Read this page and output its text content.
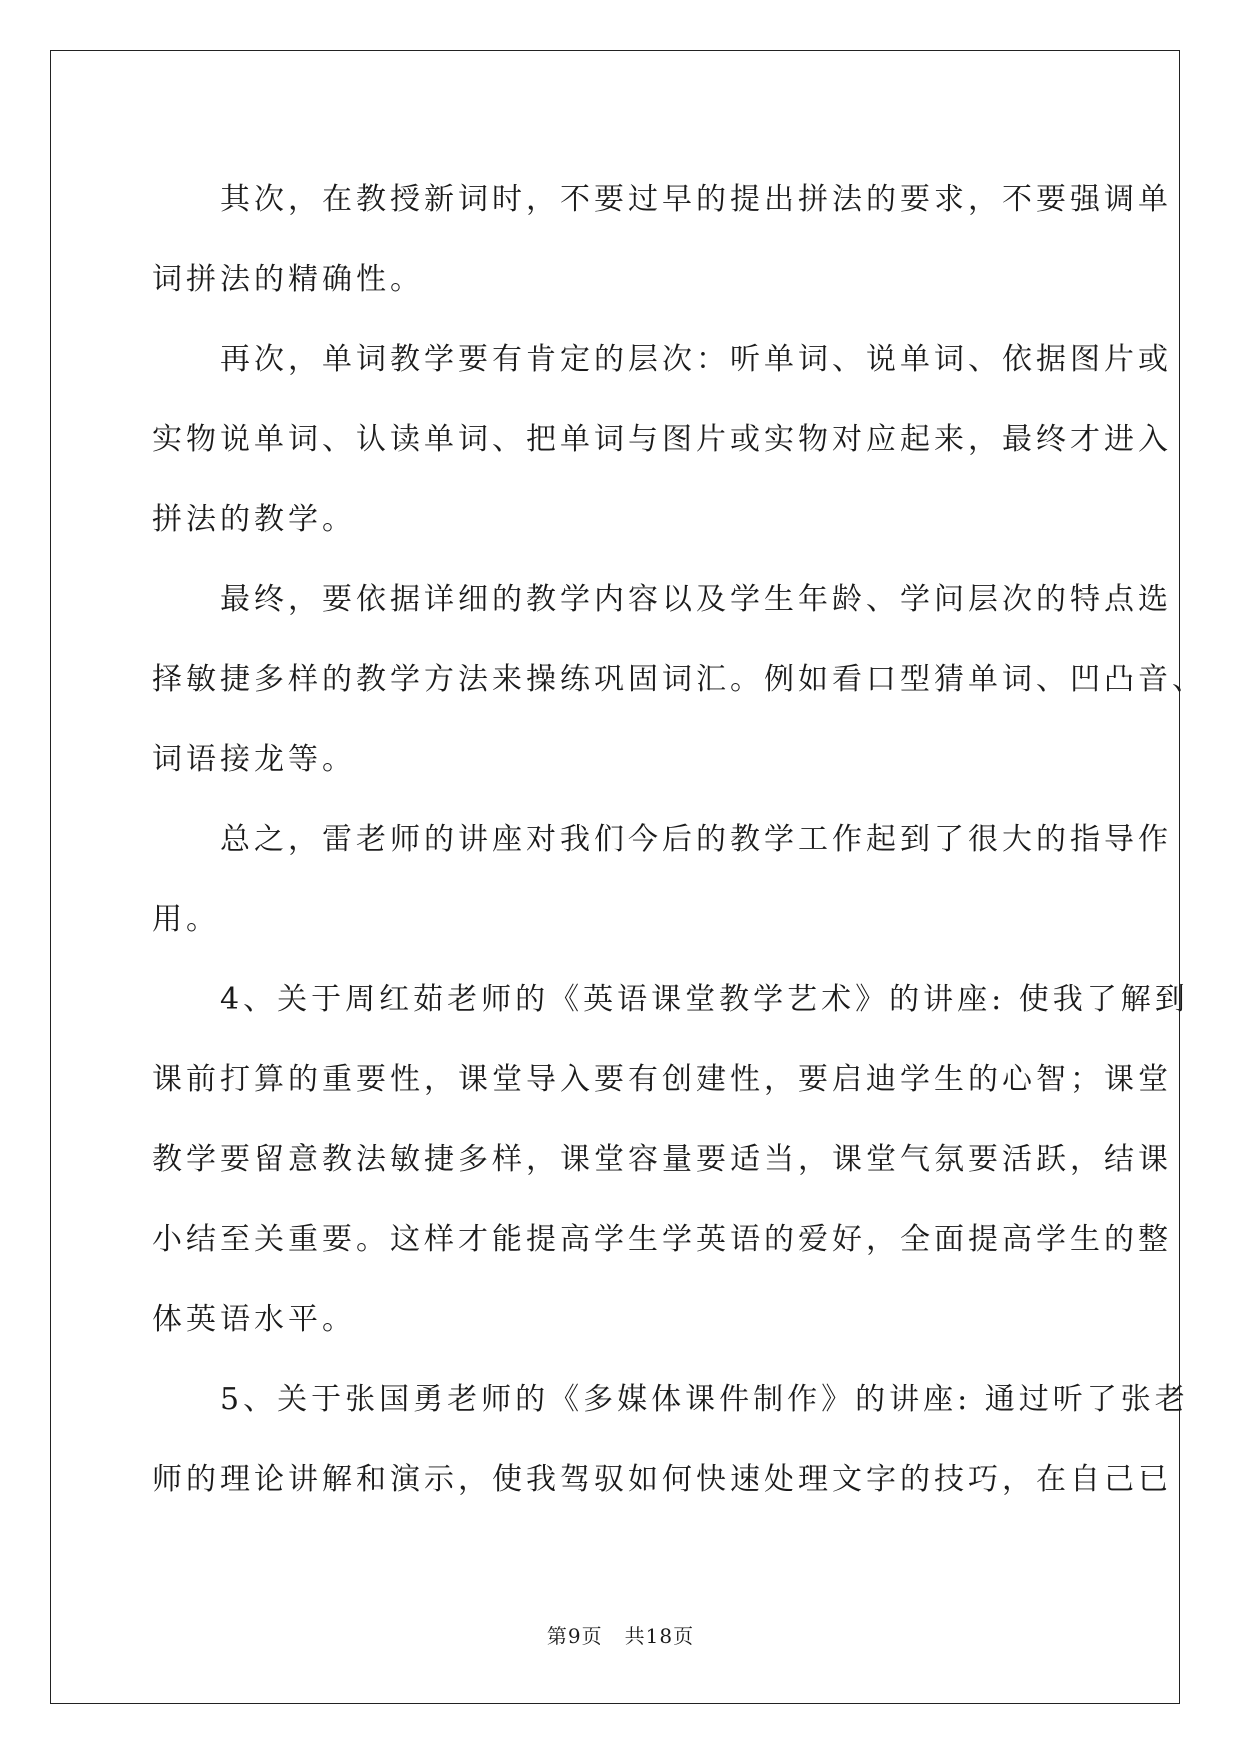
其次，在教授新词时，不要过早的提出拼法的要求，不要强调单
词拼法的精确性。

再次，单词教学要有肯定的层次：听单词、说单词、依据图片或
实物说单词、认读单词、把单词与图片或实物对应起来，最终才进入
拼法的教学。

最终，要依据详细的教学内容以及学生年龄、学问层次的特点选
择敏捷多样的教学方法来操练巩固词汇。例如看口型猜单词、凹凸音、
词语接龙等。

总之，雷老师的讲座对我们今后的教学工作起到了很大的指导作
用。

4、关于周红茹老师的《英语课堂教学艺术》的讲座: 使我了解到
课前打算的重要性，课堂导入要有创建性，要启迪学生的心智；课堂
教学要留意教法敏捷多样，课堂容量要适当，课堂气氛要活跃，结课
小结至关重要。这样才能提高学生学英语的爱好，全面提高学生的整
体英语水平。

5、关于张国勇老师的《多媒体课件制作》的讲座: 通过听了张老
师的理论讲解和演示，使我驾驭如何快速处理文字的技巧，在自己已

第9页 共18页
